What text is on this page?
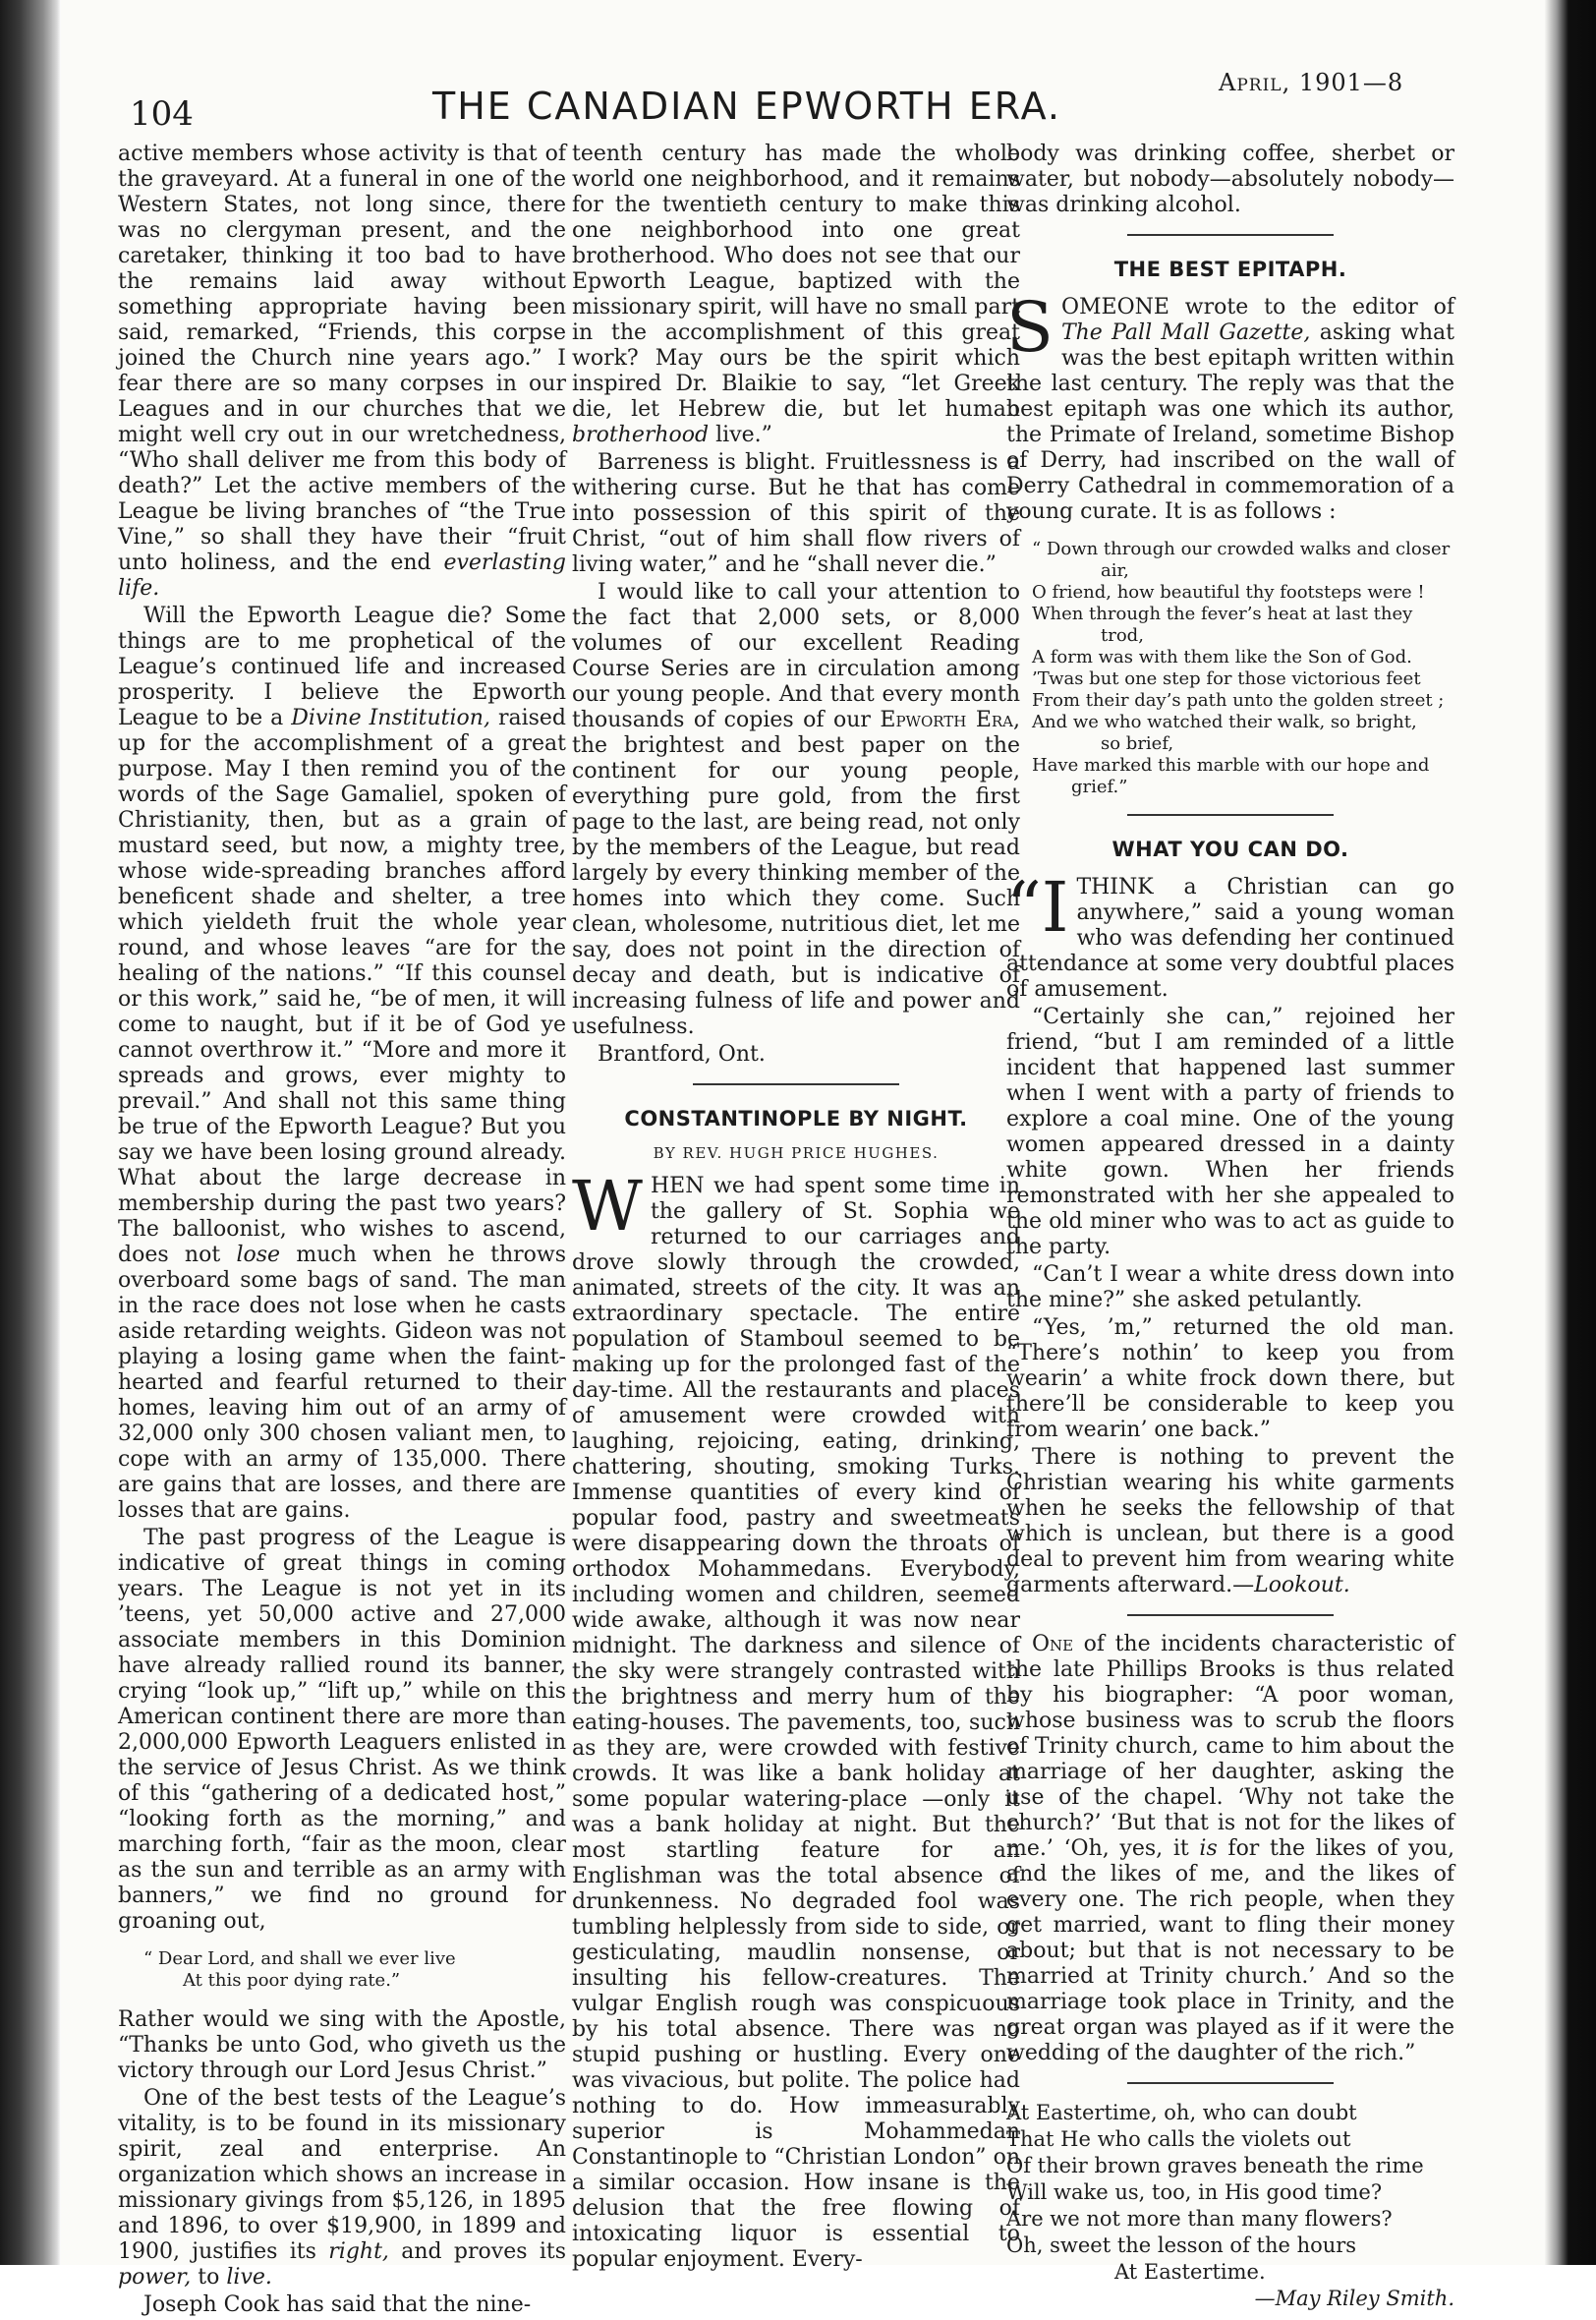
104	THE CANADIAN EPWORTH ERA.
April, 1901—8

active members whose activity is that of the graveyard. At a funeral in one of the Western States, not long since, there was no clergyman present, and the caretaker, thinking it too bad to have the remains laid away without something appropriate having been said, remarked, “Friends, this corpse joined the Church nine years ago.” I fear there are so many corpses in our Leagues and in our churches that we might well cry out in our wretchedness, “Who shall deliver me from this body of death?” Let the active members of the League be living branches of “the True Vine,” so shall they have their “fruit unto holiness, and the end everlasting life.

Will the Epworth League die? Some things are to me prophetical of the League’s continued life and increased prosperity. I believe the Epworth League to be a Divine Institution, raised up for the accomplishment of a great purpose. May I then remind you of the words of the Sage Gamaliel, spoken of Christianity, then, but as a grain of mustard seed, but now, a mighty tree, whose wide-spreading branches afford beneficent shade and shelter, a tree which yieldeth fruit the whole year round, and whose leaves “are for the healing of the nations.” “If this counsel or this work,” said he, “be of men, it will come to naught, but if it be of God ye cannot overthrow it.” “More and more it spreads and grows, ever mighty to prevail.” And shall not this same thing be true of the Epworth League? But you say we have been losing ground already. What about the large decrease in membership during the past two years? The balloonist, who wishes to ascend, does not lose much when he throws overboard some bags of sand. The man in the race does not lose when he casts aside retarding weights. Gideon was not playing a losing game when the faint-hearted and fearful returned to their homes, leaving him out of an army of 32,000 only 300 chosen valiant men, to cope with an army of 135,000. There are gains that are losses, and there are losses that are gains.

The past progress of the League is indicative of great things in coming years. The League is not yet in its ’teens, yet 50,000 active and 27,000 associate members in this Dominion have already rallied round its banner, crying “look up,” “lift up,” while on this American continent there are more than 2,000,000 Epworth Leaguers enlisted in the service of Jesus Christ. As we think of this “gathering of a dedicated host,” “looking forth as the morning,” and marching forth, “fair as the moon, clear as the sun and terrible as an army with banners,” we find no ground for groaning out,

“ Dear Lord, and shall we ever live
At this poor dying rate.”

Rather would we sing with the Apostle, “Thanks be unto God, who giveth us the victory through our Lord Jesus Christ.”

One of the best tests of the League’s vitality, is to be found in its missionary spirit, zeal and enterprise. An organization which shows an increase in missionary givings from $5,126, in 1895 and 1896, to over $19,900, in 1899 and 1900, justifies its right, and proves its power, to live.

Joseph Cook has said that the nine-

teenth century has made the whole world one neighborhood, and it remains for the twentieth century to make this one neighborhood into one great brotherhood. Who does not see that our Epworth League, baptized with the missionary spirit, will have no small part in the accomplishment of this great work? May ours be the spirit which inspired Dr. Blaikie to say, “let Greek die, let Hebrew die, but let human brotherhood live.”

Barreness is blight. Fruitlessness is a withering curse. But he that has come into possession of this spirit of the Christ, “out of him shall flow rivers of living water,” and he “shall never die.”

I would like to call your attention to the fact that 2,000 sets, or 8,000 volumes of our excellent Reading Course Series are in circulation among our young people. And that every month thousands of copies of our Epworth Era, the brightest and best paper on the continent for our young people, everything pure gold, from the first page to the last, are being read, not only by the members of the League, but read largely by every thinking member of the homes into which they come. Such clean, wholesome, nutritious diet, let me say, does not point in the direction of decay and death, but is indicative of increasing fulness of life and power and usefulness.

Brantford, Ont.

CONSTANTINOPLE BY NIGHT.
BY REV. HUGH PRICE HUGHES.

WHEN we had spent some time in the gallery of St. Sophia we returned to our carriages and drove slowly through the crowded, animated, streets of the city. It was an extraordinary spectacle. The entire population of Stamboul seemed to be making up for the prolonged fast of the day-time. All the restaurants and places of amusement were crowded with laughing, rejoicing, eating, drinking, chattering, shouting, smoking Turks. Immense quantities of every kind of popular food, pastry and sweetmeats were disappearing down the throats of orthodox Mohammedans. Everybody, including women and children, seemed wide awake, although it was now near midnight. The darkness and silence of the sky were strangely contrasted with the brightness and merry hum of the eating-houses. The pavements, too, such as they are, were crowded with festive crowds. It was like a bank holiday at some popular watering-place —only it was a bank holiday at night. But the most startling feature for an Englishman was the total absence of drunkenness. No degraded fool was tumbling helplessly from side to side, or gesticulating, maudlin nonsense, or insulting his fellow-creatures. The vulgar English rough was conspicuous by his total absence. There was no stupid pushing or hustling. Every one was vivacious, but polite. The police had nothing to do. How immeasurably superior is Mohammedan Constantinople to “Christian London” on a similar occasion. How insane is the delusion that the free flowing of intoxicating liquor is essential to popular enjoyment. Every-

body was drinking coffee, sherbet or water, but nobody—absolutely nobody—was drinking alcohol.

THE BEST EPITAPH.

SOMEONE wrote to the editor of The Pall Mall Gazette, asking what was the best epitaph written within the last century. The reply was that the best epitaph was one which its author, the Primate of Ireland, sometime Bishop of Derry, had inscribed on the wall of Derry Cathedral in commemoration of a young curate. It is as follows :

“ Down through our crowded walks and closer
air,
O friend, how beautiful thy footsteps were !
When through the fever’s heat at last they
trod,
A form was with them like the Son of God.
’Twas but one step for those victorious feet
From their day’s path unto the golden street ;
And we who watched their walk, so bright,
so brief,
Have marked this marble with our hope and
grief.”
WHAT YOU CAN DO.

“ITHINK a Christian can go anywhere,” said a young woman who was defending her continued attendance at some very doubtful places of amusement.

“Certainly she can,” rejoined her friend, “but I am reminded of a little incident that happened last summer when I went with a party of friends to explore a coal mine. One of the young women appeared dressed in a dainty white gown. When her friends remonstrated with her she appealed to the old miner who was to act as guide to the party.

“Can’t I wear a white dress down into the mine?” she asked petulantly.

“Yes, ’m,” returned the old man. “There’s nothin’ to keep you from wearin’ a white frock down there, but there’ll be considerable to keep you from wearin’ one back.”

There is nothing to prevent the Christian wearing his white garments when he seeks the fellowship of that which is unclean, but there is a good deal to prevent him from wearing white garments afterward.—Lookout.

One of the incidents characteristic of the late Phillips Brooks is thus related by his biographer: “A poor woman, whose business was to scrub the floors of Trinity church, came to him about the marriage of her daughter, asking the use of the chapel. ‘Why not take the church?’ ‘But that is not for the likes of me.’ ‘Oh, yes, it is for the likes of you, and the likes of me, and the likes of every one. The rich people, when they get married, want to fling their money about; but that is not necessary to be married at Trinity church.’ And so the marriage took place in Trinity, and the great organ was played as if it were the wedding of the daughter of the rich.”

At Eastertime, oh, who can doubt
That He who calls the violets out
Of their brown graves beneath the rime
Will wake us, too, in His good time?
Are we not more than many flowers?
Oh, sweet the lesson of the hours
At Eastertime.
—May Riley Smith.
